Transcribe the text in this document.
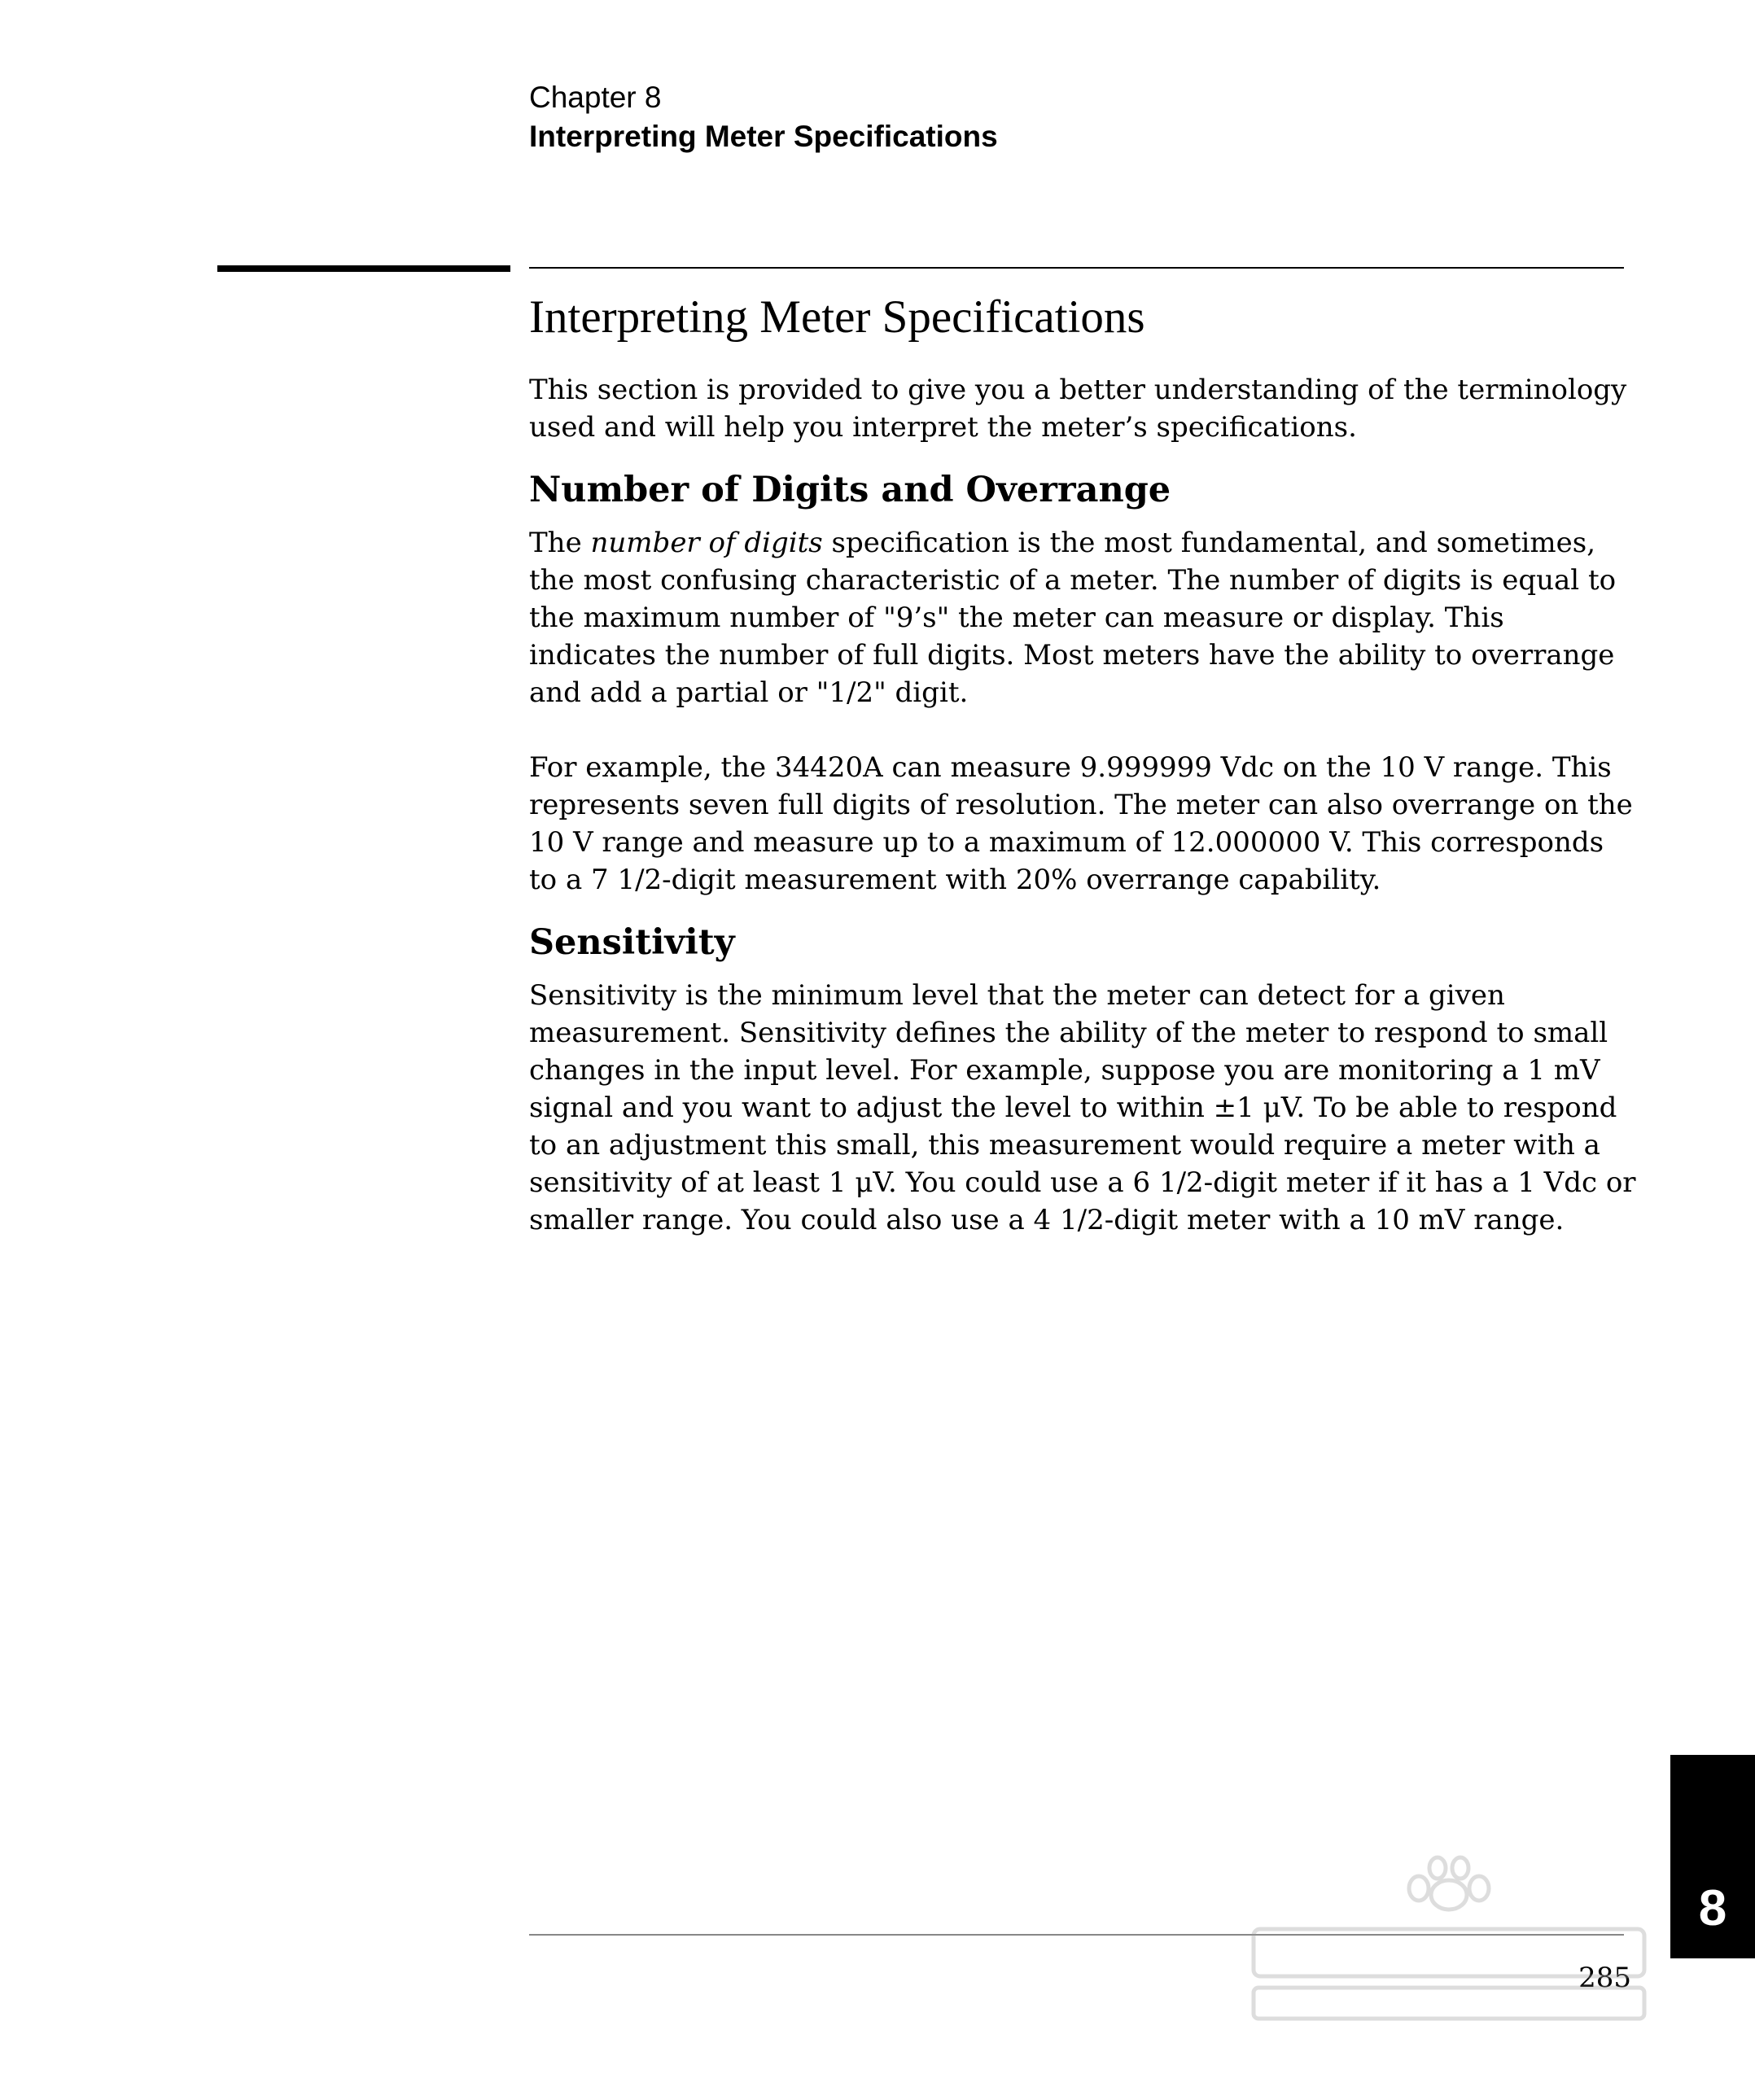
Chapter 8
Interpreting Meter Specifications
Interpreting Meter Specifications

This section is provided to give you a better understanding of the terminology used and will help you interpret the meter’s specifications.

Number of Digits and Overrange

The number of digits specification is the most fundamental, and sometimes, the most confusing characteristic of a meter. The number of digits is equal to the maximum number of "9’s" the meter can measure or display. This indicates the number of full digits. Most meters have the ability to overrange and add a partial or "1/2" digit.

For example, the 34420A can measure 9.999999 Vdc on the 10 V range. This represents seven full digits of resolution. The meter can also overrange on the 10 V range and measure up to a maximum of 12.000000 V. This corresponds to a 7 1/2-digit measurement with 20% overrange capability.

Sensitivity

Sensitivity is the minimum level that the meter can detect for a given measurement. Sensitivity defines the ability of the meter to respond to small changes in the input level. For example, suppose you are monitoring a 1 mV signal and you want to adjust the level to within ±1 μV. To be able to respond to an adjustment this small, this measurement would require a meter with a sensitivity of at least 1 μV. You could use a 6 1/2-digit meter if it has a 1 Vdc or smaller range. You could also use a 4 1/2-digit meter with a 10 mV range.

285
8
